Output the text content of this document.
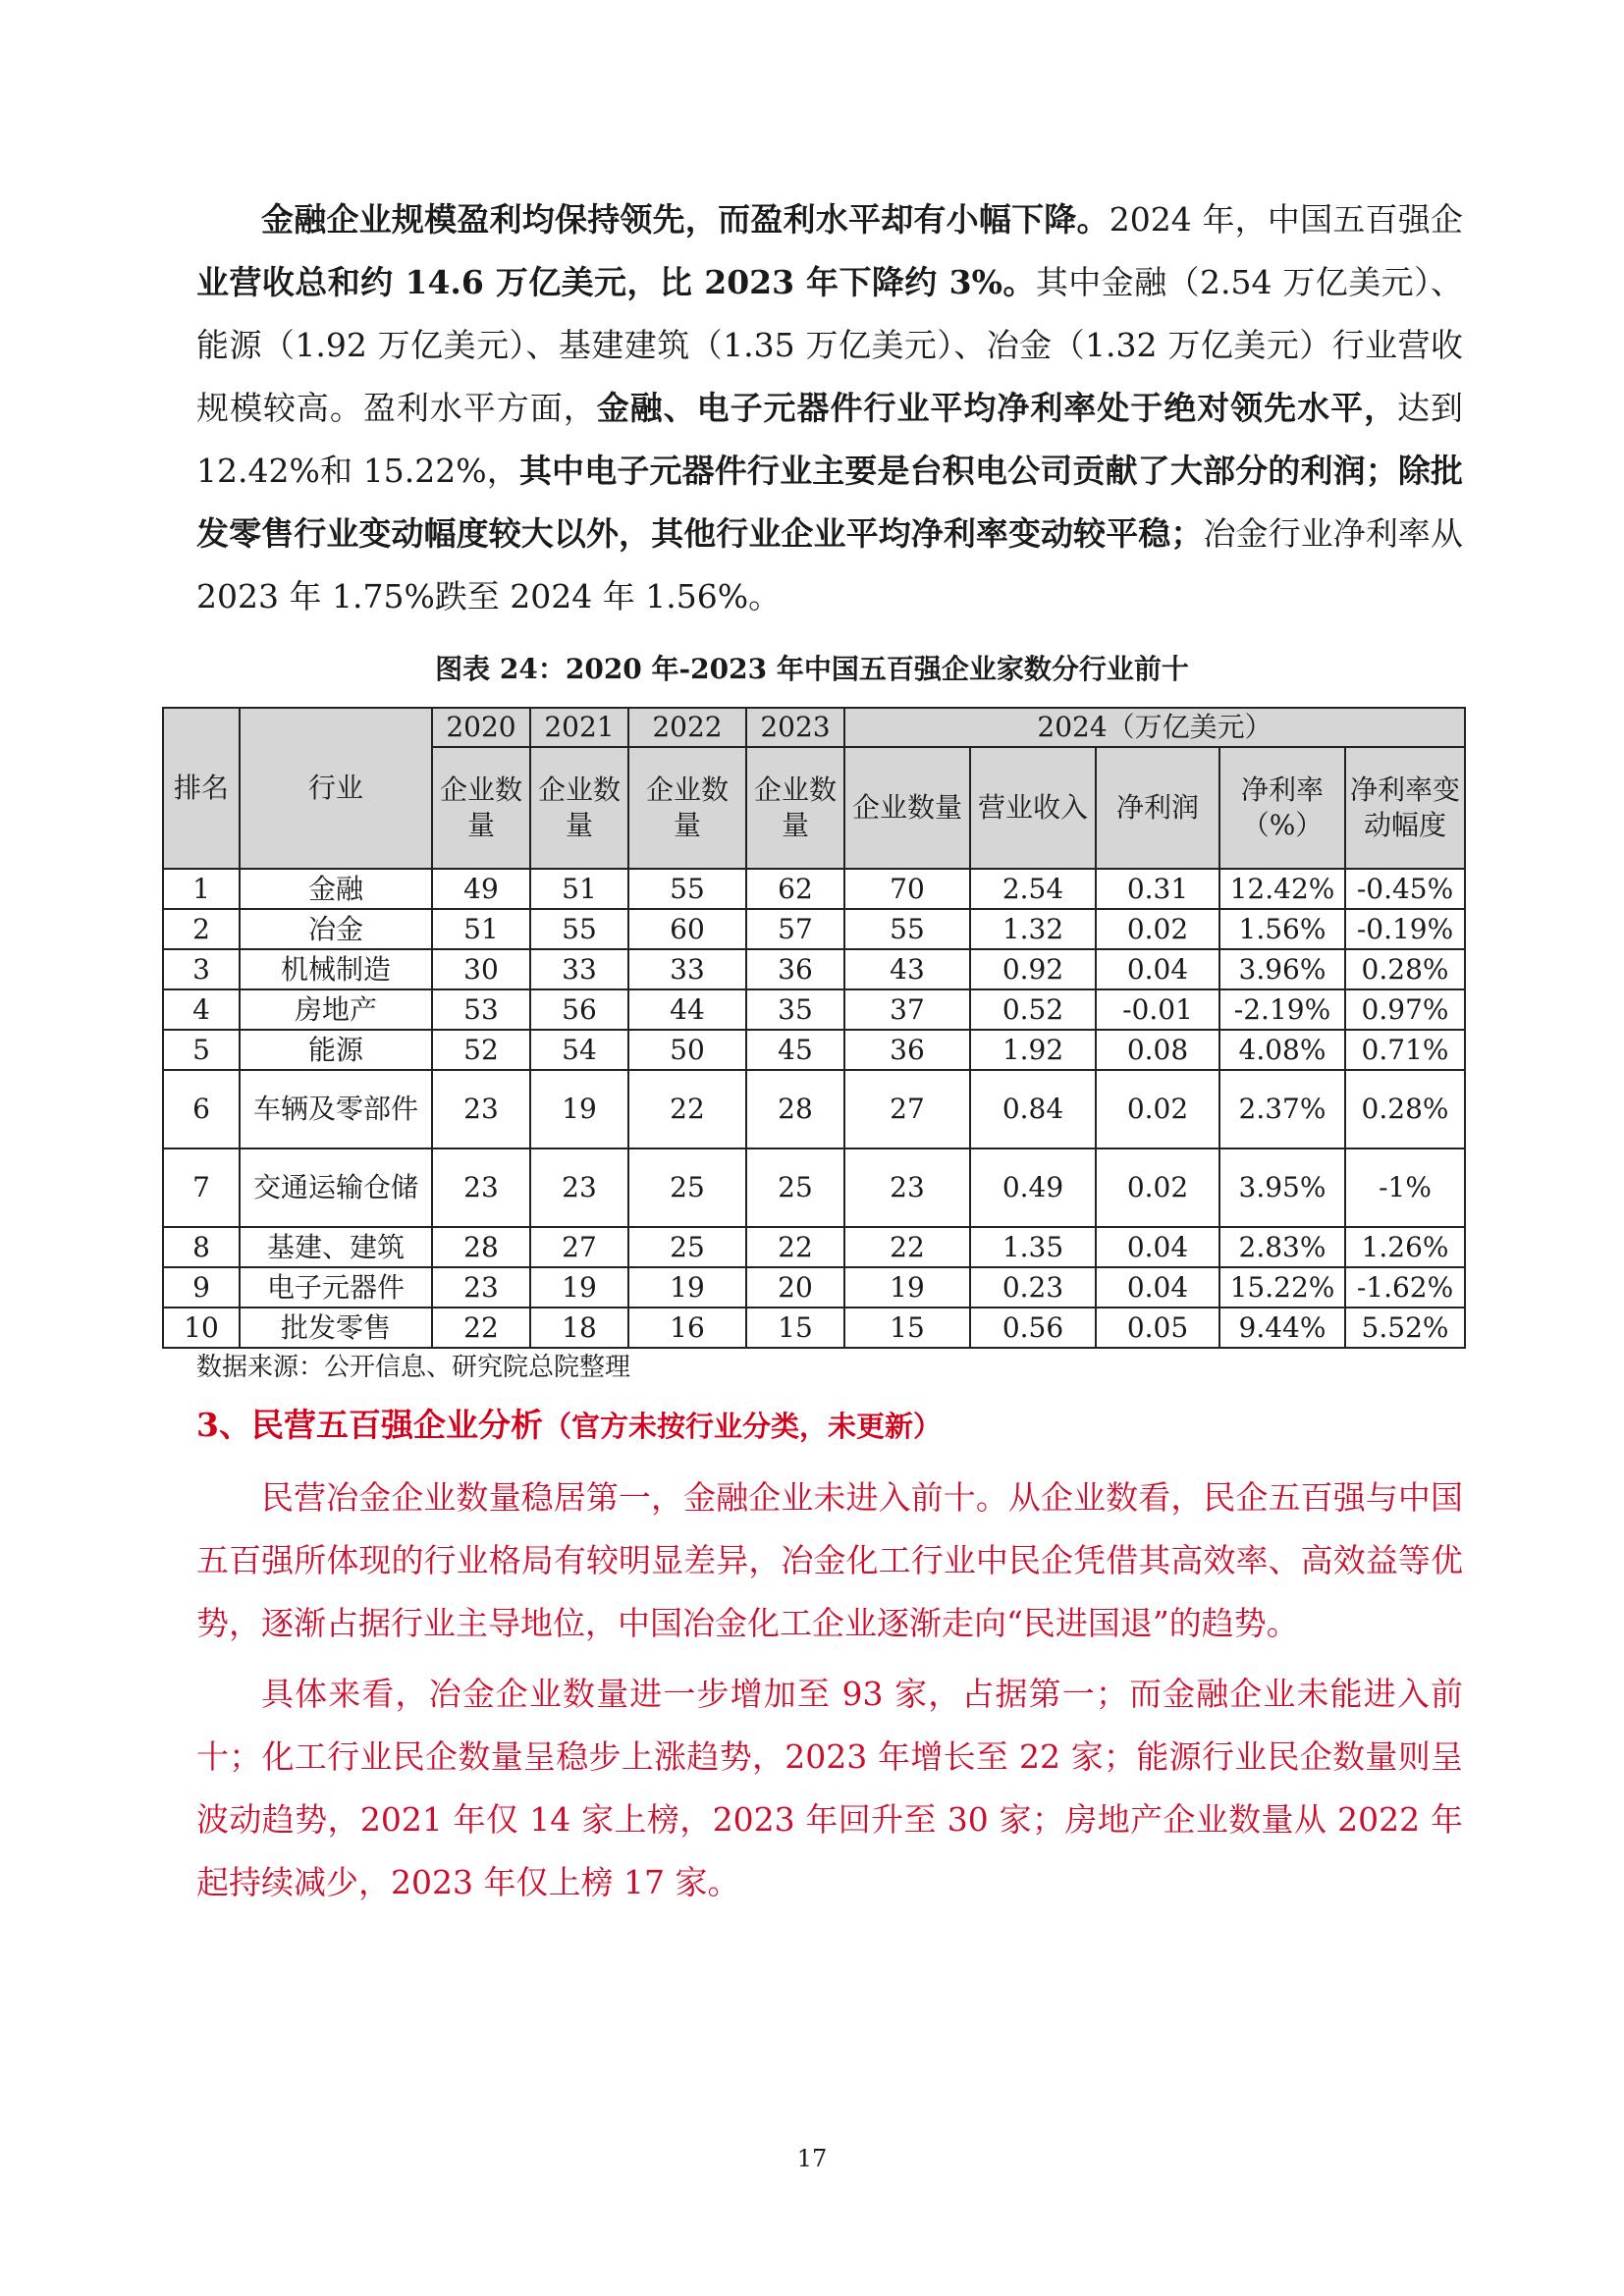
金融企业规模盈利均保持领先，而盈利水平却有小幅下降。2024 年，中国五百强企业营收总和约 14.6 万亿美元，比 2023 年下降约 3%。其中金融（2.54 万亿美元）、能源（1.92 万亿美元）、基建建筑（1.35 万亿美元）、冶金（1.32 万亿美元）行业营收规模较高。盈利水平方面，金融、电子元器件行业平均净利率处于绝对领先水平，达到 12.42%和 15.22%，其中电子元器件行业主要是台积电公司贡献了大部分的利润；除批发零售行业变动幅度较大以外，其他行业企业平均净利率变动较平稳；冶金行业净利率从 2023 年 1.75%跌至 2024 年 1.56%。

图表 24：2020 年-2023 年中国五百强企业家数分行业前十

排名	行业	2020	2021	2022	2023	2024（万亿美元）				
		企业数量	企业数量	企业数量	企业数量	企业数量	营业收入	净利润	净利率（%）	净利率变动幅度
1	金融	49	51	55	62	70	2.54	0.31	12.42%	-0.45%
2	冶金	51	55	60	57	55	1.32	0.02	1.56%	-0.19%
3	机械制造	30	33	33	36	43	0.92	0.04	3.96%	0.28%
4	房地产	53	56	44	35	37	0.52	-0.01	-2.19%	0.97%
5	能源	52	54	50	45	36	1.92	0.08	4.08%	0.71%
6	车辆及零部件	23	19	22	28	27	0.84	0.02	2.37%	0.28%
7	交通运输仓储	23	23	25	25	23	0.49	0.02	3.95%	-1%
8	基建、建筑	28	27	25	22	22	1.35	0.04	2.83%	1.26%
9	电子元器件	23	19	19	20	19	0.23	0.04	15.22%	-1.62%
10	批发零售	22	18	16	15	15	0.56	0.05	9.44%	5.52%

数据来源：公开信息、研究院总院整理

3、民营五百强企业分析（官方未按行业分类，未更新）

民营冶金企业数量稳居第一，金融企业未进入前十。从企业数看，民企五百强与中国五百强所体现的行业格局有较明显差异，冶金化工行业中民企凭借其高效率、高效益等优势，逐渐占据行业主导地位，中国冶金化工企业逐渐走向“民进国退”的趋势。

具体来看，冶金企业数量进一步增加至 93 家，占据第一；而金融企业未能进入前十；化工行业民企数量呈稳步上涨趋势，2023 年增长至 22 家；能源行业民企数量则呈波动趋势，2021 年仅 14 家上榜，2023 年回升至 30 家；房地产企业数量从 2022 年起持续减少，2023 年仅上榜 17 家。

17
